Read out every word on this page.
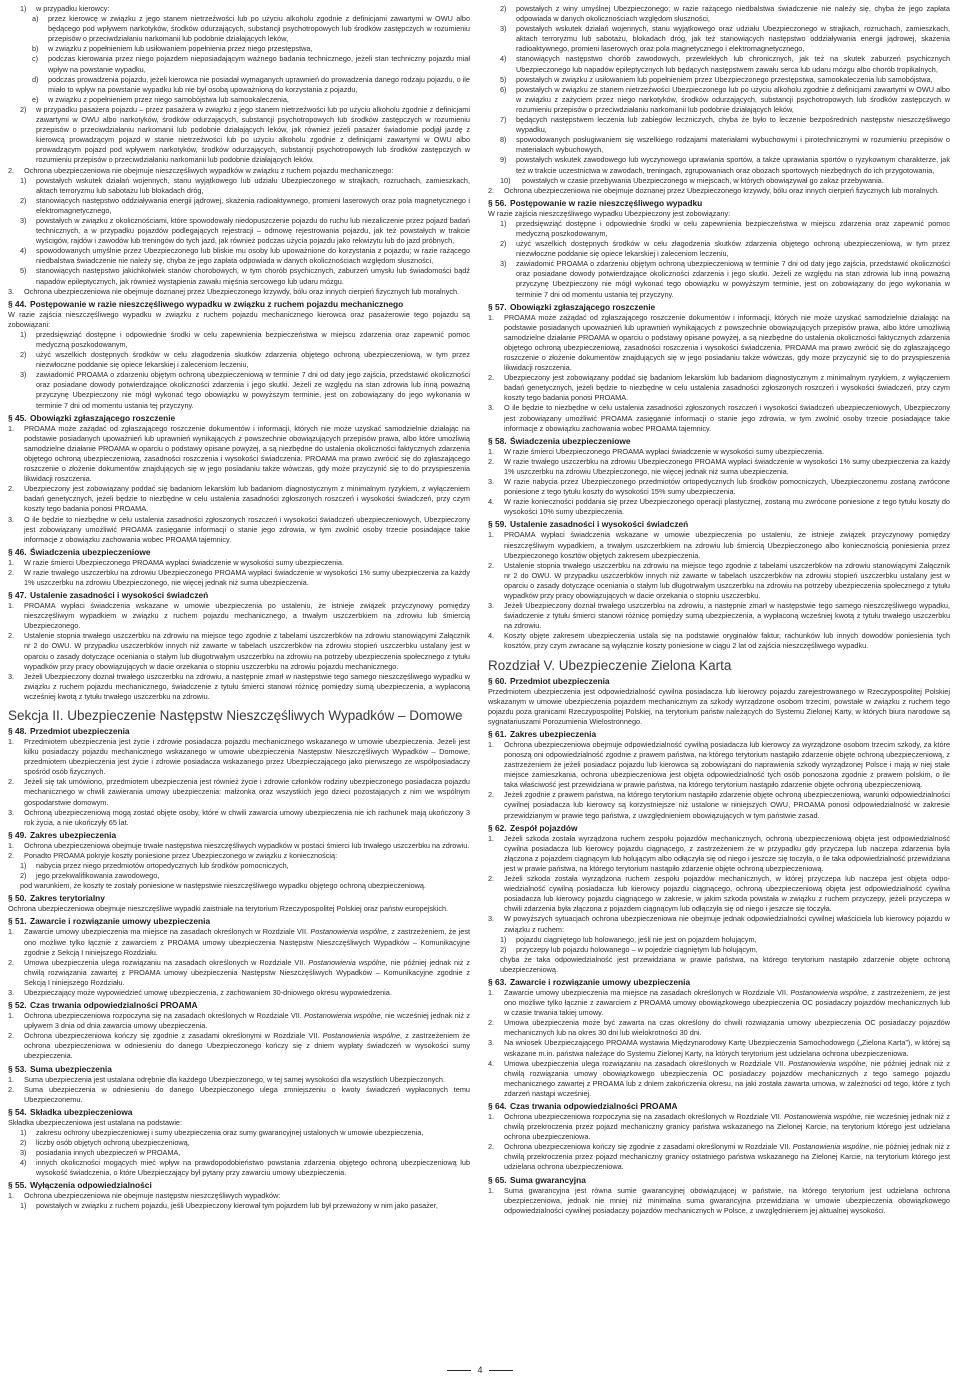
1)	w przypadku kierowcy:
a)	przez kierowcę w związku z jego stanem nietrzeźwości lub po użyciu alkoholu zgodnie z definicjami zawartymi w OWU albo będącego pod wpływem narkotyków, środków odurzających, substancji psychotropowych lub środków zastępczych w rozumieniu przepisów o przeciwdziałaniu narkomanii lub podobnie działających leków,
b)	w związku z popełnieniem lub usiłowaniem popełnienia przez niego przestępstwa,
c)	podczas kierowania przez niego pojazdem nieposiadającym ważnego badania technicznego, jeżeli stan techniczny pojazdu miał wpływ na powstanie wypadku,
d)	podczas prowadzenia pojazdu, jeżeli kierowca nie posiadał wymaganych uprawnień do prowadzenia danego rodzaju pojazdu, o ile miało to wpływ na powstanie wypadku lub nie był osobą upoważnioną do korzystania z pojazdu,
e)	w związku z popełnieniem przez niego samobójstwa lub samookaleczenia,
2)	w przypadku pasażera pojazdu – przez pasażera w związku z jego stanem nietrzeźwości lub po użyciu alkoholu zgodnie z definicjami zawartymi w OWU albo narkotyków, środków odurzających, substancji psychotropowych lub środków zastępczych w rozumieniu przepisów o przeciwdziałaniu narkomanii lub podobnie działających leków, jak również jeżeli pasażer świadomie podjął jazdę z kierowcą prowadzącym pojazd w stanie nietrzeźwości lub po użyciu alkoholu zgodnie z definicjami zawartymi w OWU albo prowadzącym pojazd pod wpływem narkotyków, środków odurzających, substancji psychotropowych lub środków zastępczych w rozumieniu przepisów o przeciwdziałaniu narkomanii lub podobnie działających leków.
2.	Ochrona ubezpieczeniowa nie obejmuje nieszczęśliwych wypadków w związku z ruchem pojazdu mechanicznego:
1)	powstałych wskutek działań wojennych, stanu wyjątkowego lub udziału Ubezpieczonego w strajkach, rozruchach, zamieszkach, aktach terroryzmu lub sabotażu lub blokadach dróg,
2)	stanowiących następstwo oddziaływania energii jądrowej, skażenia radioaktywnego, promieni laserowych oraz pola magnetycznego i elektromagnetycznego,
3)	powstałych w związku z okolicznościami, które spowodowały niedopuszczenie pojazdu do ruchu lub niezaliczenie przez pojazd badań technicznych, a w przypadku pojazdów podlegających rejestracji – odmowę rejestrowania pojazdu, jak też powstałych w trakcie wyścigów, rajdów i zawodów lub treningów do tych jazd, jak również podczas użycia pojazdu jako rekwizytu lub do jazd próbnych,
4)	spowodowanych umyślnie przez Ubezpieczonego lub bliskie mu osoby lub upoważnione do korzystania z pojazdu; w razie rażącego niedbalstwa świadczenie nie należy się, chyba że jego zapłata odpowiada w danych okolicznościach względom słuszności,
5)	stanowiących następstwo jakichkolwiek stanów chorobowych, w tym chorób psychicznych, zaburzeń umysłu lub świadomości bądź napadów epileptycznych, jak również wystąpienia zawału mięśnia sercowego lub udaru mózgu.
3.	Ochrona ubezpieczeniowa nie obejmuje doznanej przez Ubezpieczonego krzywdy, bólu oraz innych cierpień fizycznych lub moralnych.
§ 44. Postępowanie w razie nieszczęśliwego wypadku w związku z ruchem pojazdu mechanicznego

W razie zajścia nieszczęśliwego wypadku w związku z ruchem pojazdu mechanicznego kierowca oraz pasażerowie tego pojazdu są zobowiązani:

1)	przedsięwziąć dostępne i odpowiednie środki w celu zapewnienia bezpieczeństwa w miejscu zdarzenia oraz zapewnić pomoc medyczną poszkodowanym,
2)	użyć wszelkich dostępnych środków w celu złagodzenia skutków zdarzenia objętego ochroną ubezpieczeniową, w tym przez niezwłoczne poddanie się opiece lekarskiej i zaleceniom leczeniu,
3)	zawiadomić PROAMA o zdarzeniu objętym ochroną ubezpieczeniową w terminie 7 dni od daty jego zajścia, przedstawić okoliczności oraz posiadane dowody potwierdzające okoliczności zdarzenia i jego skutki. Jeżeli ze względu na stan zdrowia lub inną poważną przyczynę Ubezpieczony nie mógł wykonać tego obowiązku w powyższym terminie, jest on zobowiązany do jego wykonania w terminie 7 dni od momentu ustania tej przyczyny.
§ 45. Obowiązki zgłaszającego roszczenie
1.	PROAMA może zażądać od zgłaszającego roszczenie dokumentów i informacji, których nie może uzyskać samodzielnie działając na podstawie posiadanych upoważnień lub uprawnień wynikających z powszechnie obowiązujących przepisów prawa, albo które umożliwią samodzielne działanie PROAMA w oparciu o podstawy opisane powyżej, a są niezbędne do ustalenia okoliczności faktycznych zdarzenia objętego ochroną ubezpieczeniową, zasadności roszczenia i wysokości świadczenia. PROAMA ma prawo zwrócić się do zgłaszającego roszczenie o złożenie dokumentów znajdujących się w jego posiadaniu także wówczas, gdy może przyczynić się to do przyspieszenia likwidacji roszczenia.
2.	Ubezpieczony jest zobowiązany poddać się badaniom lekarskim lub badaniom diagnostycznym z minimalnym ryzykiem, z wyłączeniem badań genetycznych, jeżeli będzie to niezbędne w celu ustalenia zasadności zgłoszonych roszczeń i wysokości świadczeń, przy czym koszty tego badania ponosi PROAMA.
3.	O ile będzie to niezbędne w celu ustalenia zasadności zgłoszonych roszczeń i wysokości świadczeń ubezpieczeniowych, Ubezpieczony jest zobowiązany umożliwić PROAMA zasięganie informacji o stanie jego zdrowia, w tym zwolnić osoby trzecie posiadające takie informacje z obowiązku zachowania wobec PROAMA tajemnicy.
§ 46. Świadczenia ubezpieczeniowe
1.	W razie śmierci Ubezpieczonego PROAMA wypłaci świadczenie w wysokości sumy ubezpieczenia.
2.	W razie trwałego uszczerbku na zdrowiu Ubezpieczonego PROAMA wypłaci świadczenie w wysokości 1% sumy ubezpieczenia za każdy 1% uszczerbku na zdrowiu Ubezpieczonego, nie więcej jednak niż suma ubezpieczenia.
§ 47. Ustalenie zasadności i wysokości świadczeń
1.	PROAMA wypłaci świadczenia wskazane w umowie ubezpieczenia po ustaleniu, że istnieje związek przyczynowy pomiędzy nieszczęśliwym wypadkiem w związku z ruchem pojazdu mechanicznego, a trwałym uszczerbkiem na zdrowiu lub śmiercią Ubezpieczonego.
2.	Ustalenie stopnia trwałego uszczerbku na zdrowiu na miejsce tego zgodnie z tabelami uszczerbków na zdrowiu stanowiącymi Załącznik nr 2 do OWU. W przypadku uszczerbków innych niż zawarte w tabelach uszczerbków na zdrowiu stopień uszczerbku ustalany jest w oparciu o zasady dotyczące oceniania o stałym lub długotrwałym uszczerbku na zdrowiu na potrzeby ubezpieczenia społecznego z tytułu wypadków przy pracy obowiązujących w dacie orzekania o stopniu uszczerbku na zdrowiu pojazdu mechanicznego.
3.	Jeżeli Ubezpieczony doznał trwałego uszczerbku na zdrowiu, a następnie zmarł w następstwie tego samego nieszczęśliwego wypadku w związku z ruchem pojazdu mechanicznego, świadczenie z tytułu śmierci stanowi różnicę pomiędzy sumą ubezpieczenia, a wypłaconą wcześniej kwotą z tytułu trwałego uszczerbku na zdrowiu.
Sekcja II. Ubezpieczenie Następstw Nieszczęśliwych Wypadków – Domowe
§ 48. Przedmiot ubezpieczenia
1.	Przedmiotem ubezpieczenia jest życie i zdrowie posiadacza pojazdu mechanicznego wskazanego w umowie ubezpieczenia. Jeżeli jest kilku posiadaczy pojazdu mechanicznego wskazanego w umowie ubezpieczenia Następstw Nieszczęśliwych Wypadków – Domowe, przedmiotem ubezpieczenia jest życie i zdrowie posiadacza wskazanego przez Ubezpieczającego jako pierwszego ze współposiadaczy spośród osób fizycznych.
2.	Jeżeli się tak umówiono, przedmiotem ubezpieczenia jest również życie i zdrowie członków rodziny ubezpieczonego posiadacza pojazdu mechanicznego w chwili zawierania umowy ubezpieczenia: małżonka oraz wszystkich jego dzieci pozostających z nim we wspólnym gospodarstwie domowym.
3.	Ochroną ubezpieczeniową mogą zostać objęte osoby, które w chwili zawarcia umowy ubezpieczenia nie ich rachunek mają ukończony 3 rok życia, a nie ukończyły 65 lat.
§ 49. Zakres ubezpieczenia
1.	Ochrona ubezpieczeniowa obejmuje trwałe następstwa nieszczęśliwych wypadków w postaci śmierci lub trwałego uszczerbku na zdrowiu.
2.	Ponadto PROAMA pokryje koszty poniesione przez Ubezpieczonego w związku z koniecznością:
1)	nabycia przez niego przedmiotów ortopedycznych lub środków pomocniczych,
2)	jego przekwalifikowania zawodowego,

pod warunkiem, że koszty te zostały poniesione w następstwie nieszczęśliwego wypadku objętego ochroną ubezpieczeniową.

§ 50. Zakres terytorialny

Ochrona ubezpieczeniowa obejmuje nieszczęśliwe wypadki zaistniałe na terytorium Rzeczypospolitej Polskiej oraz państw europejskich.

§ 51. Zawarcie i rozwiązanie umowy ubezpieczenia
1.	Zawarcie umowy ubezpieczenia ma miejsce na zasadach określonych w Rozdziale VII. Postanowienia wspólne, z zastrzeżeniem, że jest ono możliwe tylko łącznie z zawarciem z PROAMA umowy ubezpieczenia Następstw Nieszczęśliwych Wypadków – Komunikacyjne zgodnie z Sekcją I niniejszego Rozdziału.
2.	Umowa ubezpieczenia ulega rozwiązaniu na zasadach określonych w Rozdziale VII. Postanowienia wspólne, nie później jednak niż z chwilą rozwiązania zawartej z PROAMA umowy ubezpieczenia Następstw Nieszczęśliwych Wypadków – Komunikacyjne zgodnie z Sekcją I niniejszego Rozdziału.
3.	Ubezpieczający może wypowiedzieć umowę ubezpieczenia, z zachowaniem 30-dniowego okresu wypowiedzenia.
§ 52. Czas trwania odpowiedzialności PROAMA
1.	Ochrona ubezpieczeniowa rozpoczyna się na zasadach określonych w Rozdziale VII. Postanowienia wspólne, nie wcześniej jednak niż z upływem 3 dnia od dnia zawarcia umowy ubezpieczenia.
2.	Ochrona ubezpieczeniowa kończy się zgodnie z zasadami określonymi w Rozdziale VII. Postanowienia wspólne, z zastrzeżeniem że ochrona ubezpieczeniowa w odniesieniu do danego Ubezpieczonego kończy się z dniem wypłaty świadczeń w wysokości sumy ubezpieczenia.
§ 53. Suma ubezpieczenia
1.	Suma ubezpieczenia jest ustalana odrębnie dla każdego Ubezpieczonego, w tej samej wysokości dla wszystkich Ubezpieczonych.
2.	Suma ubezpieczenia w odniesieniu do danego Ubezpieczonego ulega zmniejszeniu o kwoty świadczeń wypłaconych temu Ubezpieczonemu.
§ 54. Składka ubezpieczeniowa

Składka ubezpieczeniowa jest ustalana na podstawie:

1)	zakresu ochrony ubezpieczeniowej i sumy ubezpieczenia oraz sumy gwarancyjnej ustalonych w umowie ubezpieczenia,
2)	liczby osób objętych ochroną ubezpieczeniową,
3)	posiadania innych ubezpieczeń w PROAMA,
4)	innych okoliczności mogących mieć wpływ na prawdopodobieństwo powstania zdarzenia objętego ochroną ubezpieczeniową lub wysokość świadczenia, o które Ubezpieczający był pytany przy zawarciu umowy ubezpieczenia.
§ 55. Wyłączenia odpowiedzialności
1.	Ochrona ubezpieczeniowa nie obejmuje następstw nieszczęśliwych wypadków:
1)	powstałych w związku z ruchem pojazdu, jeśli Ubezpieczony kierował tym pojazdem lub był przewożony w nim jako pasażer,
2)	powstałych z winy umyślnej Ubezpieczonego; w razie rażącego niedbalstwa świadczenie nie należy się, chyba że jego zapłata odpowiada w danych okolicznościach względom słuszności,
3)	powstałych wskutek działań wojennych, stanu wyjątkowego oraz udziału Ubezpieczonego w strajkach, rozruchach, zamieszkach, aktach terroryzmu lub sabotażu, blokadach dróg, jak też stanowiących następstwo oddziaływania energii jądrowej, skażenia radioaktywnego, promieni laserowych oraz pola magnetycznego i elektromagnetycznego,
4)	stanowiących następstwo chorób zawodowych, przewlekłych lub chronicznych, jak też na skutek zaburzeń psychicznych Ubezpieczonego lub napadów epileptycznych lub będących następstwem zawału serca lub udaru mózgu albo chorób tropikalnych,
5)	powstałych w związku z usiłowaniem lub popełnieniem przez Ubezpieczonego przestępstwa, samookaleczenia lub samobójstwa,
6)	powstałych w związku ze stanem nietrzeźwości Ubezpieczonego lub po użyciu alkoholu zgodnie z definicjami zawartymi w OWU albo w związku z zażyciem przez niego narkotyków, środków odurzających, substancji psychotropowych lub środków zastępczych w rozumieniu przepisów o przeciwdziałaniu narkomanii lub podobnie działających leków,
7)	będących następstwem leczenia lub zabiegów leczniczych, chyba że było to leczenie bezpośrednich następstw nieszczęśliwego wypadku,
8)	spowodowanych posługiwaniem się wszelkiego rodzajami materiałami wybuchowymi i pirotechnicznymi w rozumieniu przepisów o materiałach wybuchowych,
9)	powstałych wskutek zawodowego lub wyczynowego uprawiania sportów, a także uprawiania sportów o ryzykownym charakterze, jak też w trakcie uczestnictwa w zawodach, treningach, zgrupowaniach oraz obozach sportowych niezbędnych do ich przygotowania,
10)	powstałych w czasie przebywania Ubezpieczonego w miejscach, w których obowiązywał go zakaz przebywania.
2.	Ochrona ubezpieczeniowa nie obejmuje doznanej przez Ubezpieczonego krzywdy, bólu oraz innych cierpień fizycznych lub moralnych.
§ 56. Postępowanie w razie nieszczęśliwego wypadku

W razie zajścia nieszczęśliwego wypadku Ubezpieczony jest zobowiązany:

1)	przedsięwziąć dostępne i odpowiednie środki w celu zapewnienia bezpieczeństwa w miejscu zdarzenia oraz zapewnić pomoc medyczną poszkodowanym,
2)	użyć wszelkich dostępnych środków w celu złagodzenia skutków zdarzenia objętego ochroną ubezpieczeniową, w tym przez niezwłoczne poddanie się opiece lekarskiej i zaleceniom leczeniu,
3)	zawiadomić PROAMA o zdarzeniu objętym ochroną ubezpieczeniową w terminie 7 dni od daty jego zajścia, przedstawić okoliczności oraz posiadane dowody potwierdzające okoliczności zdarzenia i jego skutki. Jeżeli ze względu na stan zdrowia lub inną poważną przyczynę Ubezpieczony nie mógł wykonać tego obowiązku w powyższym terminie, jest on zobowiązany do jego wykonania w terminie 7 dni od momentu ustania tej przyczyny.
§ 57. Obowiązki zgłaszającego roszczenie
1.	PROAMA może zażądać od zgłaszającego roszczenie dokumentów i informacji, których nie może uzyskać samodzielnie działając na podstawie posiadanych upoważnień lub uprawnień wynikających z powszechnie obowiązujących przepisów prawa, albo które umożliwią samodzielne działanie PROAMA w oparciu o podstawy opisane powyżej, a są niezbędne do ustalenia okoliczności faktycznych zdarzenia objętego ochroną ubezpieczeniową, zasadności roszczenia i wysokości świadczenia. PROAMA ma prawo zwrócić się do zgłaszającego roszczenie o złożenie dokumentów znajdujących się w jego posiadaniu także wówczas, gdy może przyczynić się to do przyspieszenia likwidacji roszczenia.
2.	Ubezpieczony jest zobowiązany poddać się badaniom lekarskim lub badaniom diagnostycznym z minimalnym ryzykiem, z wyłączeniem badań genetycznych, jeżeli będzie to niezbędne w celu ustalenia zasadności zgłoszonych roszczeń i wysokości świadczeń, przy czym koszty tego badania ponosi PROAMA.
3.	O ile będzie to niezbędne w celu ustalenia zasadności zgłoszonych roszczeń i wysokości świadczeń ubezpieczeniowych, Ubezpieczony jest zobowiązany umożliwić PROAMA zasięganie informacji o stanie jego zdrowia, w tym zwolnić osoby trzecie posiadające takie informacje z obowiązku zachowania wobec PROAMA tajemnicy.
§ 58. Świadczenia ubezpieczeniowe
1.	W razie śmierci Ubezpieczonego PROAMA wypłaci świadczenie w wysokości sumy ubezpieczenia.
2.	W razie trwałego uszczerbku na zdrowiu Ubezpieczonego PROAMA wypłaci świadczenie w wysokości 1% sumy ubezpieczenia za każdy 1% uszczerbku na zdrowiu Ubezpieczonego, nie więcej jednak niż suma ubezpieczenia.
3.	W razie nabycia przez Ubezpieczonego przedmiotów ortopedycznych lub środków pomocniczych, Ubezpieczonemu zostaną zwrócone poniesione z tego tytułu koszty do wysokości 15% sumy ubezpieczenia.
4.	W razie konieczności poddania się przez Ubezpieczonego operacji plastycznej, zostaną mu zwrócone poniesione z tego tytułu koszty do wysokości 10% sumy ubezpieczenia.
§ 59. Ustalenie zasadności i wysokości świadczeń
1.	PROAMA wypłaci świadczenia wskazane w umowie ubezpieczenia po ustaleniu, że istnieje związek przyczynowy pomiędzy nieszczęśliwym wypadkiem, a trwałym uszczerbkiem na zdrowiu lub śmiercią Ubezpieczonego albo koniecznością poniesienia przez Ubezpieczonego kosztów objętych zakresem ubezpieczenia.
2.	Ustalenie stopnia trwałego uszczerbku na zdrowiu na miejsce tego zgodnie z tabelami uszczerbków na zdrowiu stanowiącymi Załącznik nr 2 do OWU. W przypadku uszczerbków innych niż zawarte w tabelach uszczerbków na zdrowiu stopień uszczerbku ustalany jest w oparciu o zasady dotyczące oceniania o stałym lub długotrwałym uszczerbku na zdrowiu na potrzeby ubezpieczenia społecznego z tytułu wypadków przy pracy obowiązujących w dacie orzekania o stopniu uszczerbku.
3.	Jeżeli Ubezpieczony doznał trwałego uszczerbku na zdrowiu, a następnie zmarł w następstwie tego samego nieszczęśliwego wypadku, świadczenie z tytułu śmierci stanowi różnicę pomiędzy sumą ubezpieczenia, a wypłaconą wcześniej kwotą z tytułu trwałego uszczerbku na zdrowiu.
4.	Koszty objęte zakresem ubezpieczenia ustala się na podstawie oryginałów faktur, rachunków lub innych dowodów poniesienia tych kosztów, przy czym zwracane są wyłącznie koszty poniesione w ciągu 2 lat od zajścia nieszczęśliwego wypadku.
Rozdział V. Ubezpieczenie Zielona Karta
§ 60. Przedmiot ubezpieczenia

Przedmiotem ubezpieczenia jest odpowiedzialność cywilna posiadacza lub kierowcy pojazdu zarejestrowanego w Rzeczypospolitej Polskiej wskazanym w umowie ubezpieczenia pojazdem mechanicznym za szkody wyrządzone osobom trzecim, powstałe w związku z ruchem tego pojazdu poza granicami Rzeczypospolitej Polskiej, na terytorium państw należących do Systemu Zielonej Karty, w których biura narodowe są sygnatariuszami Porozumienia Wielostronnego.

§ 61. Zakres ubezpieczenia
1.	Ochrona ubezpieczeniowa obejmuje odpowiedzialność cywilną posiadacza lub kierowcy za wyrządzone osobom trzecim szkody, za które ponoszą oni odpowiedzialność zgodnie z prawem państwa, na którego terytorium nastąpiło zdarzenie objęte ochroną ubezpieczeniową, z zastrzeżeniem że jeżeli posiadacz pojazdu lub kierowca są zobowiązani do naprawienia szkody wyrządzonej Polsce i mają w niej stałe miejsce zamieszkania, ochrona ubezpieczeniowa jest objęta odpowiedzialność tych osób ponoszona zgodnie z prawem polskim, o ile taka właściwość jest przewidziana w prawie państwa, na którego terytorium nastąpiło zdarzenie objęte ochroną ubezpieczeniową.
2.	Jeżeli zgodnie z prawem państwa, na którego terytorium nastąpiło zdarzenie objęte ochroną ubezpieczeniową, warunki odpowiedzialności cywilnej posiadacza lub kierowcy są korzystniejsze niż ustalone w niniejszych OWU, PROAMA ponosi odpowiedzialność w zakresie przewidzianym w prawie tego państwa, z uwzględnieniem obowiązujących w tym państwie zasad.
§ 62. Zespół pojazdów
1.	Jeżeli szkoda została wyrządzona ruchem zespołu pojazdów mechanicznych, ochroną ubezpieczeniową objęta jest odpowiedzialność cywilna posiadacza lub kierowcy pojazdu ciągnącego, z zastrzeżeniem że w przypadku gdy przyczepa lub naczepa zdarzenia była złączona z pojazdem ciągnącym lub holującym albo odłączyła się od niego i jeszcze się toczyła, o ile taka odpowiedzialność przewidziana jest w prawie państwa, na którego terytorium nastąpiło zdarzenie objęte ochroną ubezpieczeniową.
2.	Jeżeli szkoda została wyrządzona ruchem zespołu pojazdów mechanicznych, w której przyczepa lub naczepa jest objęta odpowiedzialność cywilną posiadacza lub kierowcy pojazdu ciągnącego, ochroną ubezpieczeniową objęta jest odpowiedzialność cywilna posiadacza lub kierowcy pojazdu ciągnącego w zakresie, w jakim szkoda powstała w związku z ruchem przyczepy, jeżeli przyczepa w chwili zdarzenia była złączona z pojazdem ciągnącym lub odłączyła się od niego i jeszcze się toczyła.
3.	W powyższych sytuacjach ochrona ubezpieczeniowa nie obejmuje jednak odpowiedzialności cywilnej właściciela lub kierowcy pojazdu w związku z ruchem:
1)	pojazdu ciągniętego lub holowanego, jeśli nie jest on pojazdem holującym,
2)	przyczepy lub pojazdu holowanego – w pojedzie ciągniętym lub holującym,

chyba że taka odpowiedzialność jest przewidziana w prawie państwa, na którego terytorium nastąpiło zdarzenie objęte ochroną ubezpieczeniową.

§ 63. Zawarcie i rozwiązanie umowy ubezpieczenia
1.	Zawarcie umowy ubezpieczenia ma miejsce na zasadach określonych w Rozdziale VII. Postanowienia wspólne, z zastrzeżeniem, że jest ono możliwe tylko łącznie z zawarciem z PROAMA umowy obowiązkowego ubezpieczenia OC posiadaczy pojazdów mechanicznych lub w czasie trwania takiej umowy.
2.	Umowa ubezpieczenia może być zawarta na czas określony do chwili rozwiązania umowy ubezpieczenia OC posiadaczy pojazdów mechanicznych lub na okres 30 dni lub wielokrotności 30 dni.
3.	Na wniosek Ubezpieczającego PROAMA wystawia Międzynarodowy Kartę Ubezpieczenia Samochodowego („Zielona Karta”), w której są wskazane m.in. państwa należące do Systemu Zielonej Karty, na których terytorium jest udzielana ochrona ubezpieczeniowa.
4.	Umowa ubezpieczenia ulega rozwiązaniu na zasadach określonych w Rozdziale VII. Postanowienia wspólne, nie później jednak niż z chwilą rozwiązania umowy obowiązkowego ubezpieczenia OC posiadaczy pojazdów mechanicznych z tego samego pojazdu mechanicznego zawartej z PROAMA lub z dniem zakończenia okresu, na jaki została zawarta umowa, w zależności od tego, które z tych zdarzeń nastąpi wcześniej.
§ 64. Czas trwania odpowiedzialności PROAMA
1.	Ochrona ubezpieczeniowa rozpoczyna się na zasadach określonych w Rozdziale VII. Postanowienia wspólne, nie wcześniej jednak niż z chwilą przekroczenia przez pojazd mechaniczny granicy państwa wskazanego na Zielonej Karcie, na terytorium którego jest udzielana ochrona ubezpieczeniowa.
2.	Ochrona ubezpieczeniowa kończy się zgodnie z zasadami określonymi w Rozdziale VII. Postanowienia wspólne, nie później jednak niż z chwilą przekroczenia przez pojazd mechaniczny granicy ostatniego państwa wskazanego na Zielonej Karcie, na terytorium którego jest udzielana ochrona ubezpieczeniowa.
§ 65. Suma gwarancyjna
1.	Suma gwarancyjna jest równa sumie gwarancyjnej obowiązującej w państwie, na którego terytorium jest udzielana ochrona ubezpieczeniowa, jednak nie mniej niż minimalna suma gwarancyjna przewidziana w umowie ubezpieczenia obowiązkowego odpowiedzialności cywilnej posiadaczy pojazdów mechanicznych w Polsce, z uwzględnieniem jej aktualnej wysokości.
4
